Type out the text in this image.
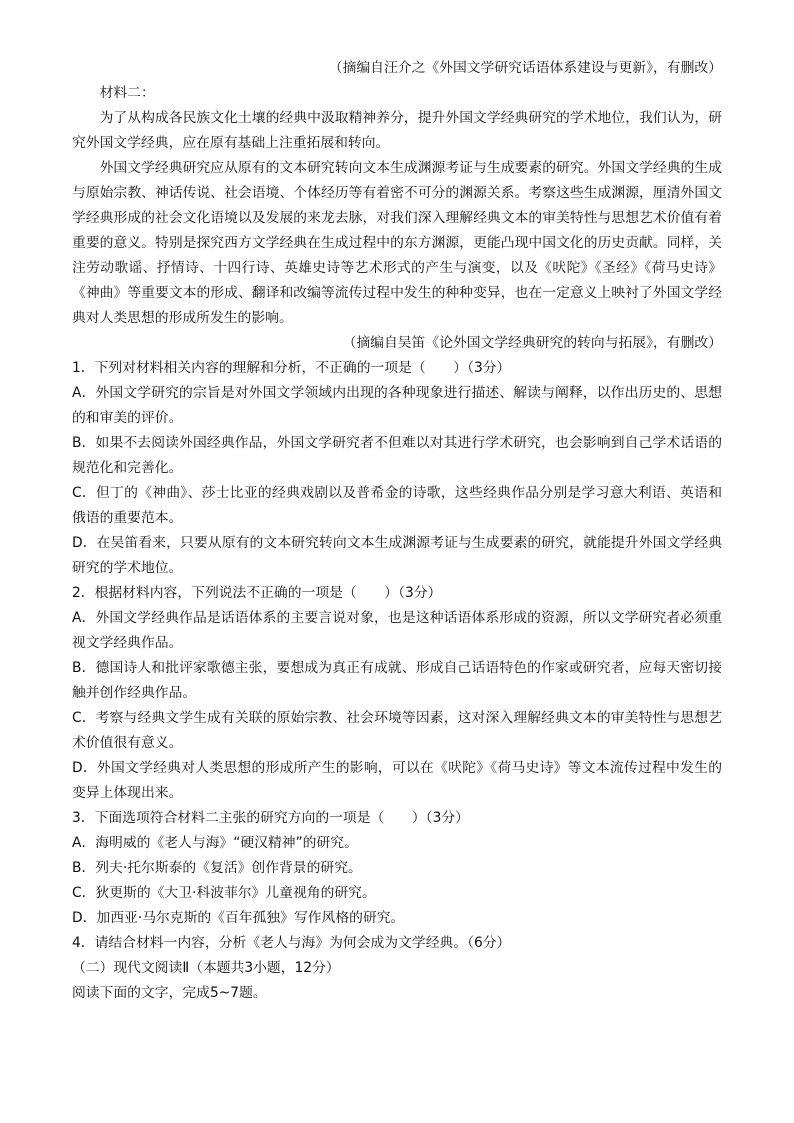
（摘编自汪介之《外国文学研究话语体系建设与更新》，有删改）

材料二：

为了从构成各民族文化土壤的经典中汲取精神养分，提升外国文学经典研究的学术地位，我们认为，研究外国文学经典，应在原有基础上注重拓展和转向。

外国文学经典研究应从原有的文本研究转向文本生成渊源考证与生成要素的研究。外国文学经典的生成与原始宗教、神话传说、社会语境、个体经历等有着密不可分的渊源关系。考察这些生成渊源，厘清外国文学经典形成的社会文化语境以及发展的来龙去脉，对我们深入理解经典文本的审美特性与思想艺术价值有着重要的意义。特别是探究西方文学经典在生成过程中的东方渊源，更能凸现中国文化的历史贡献。同样，关注劳动歌谣、抒情诗、十四行诗、英雄史诗等艺术形式的产生与演变，以及《吠陀》《圣经》《荷马史诗》《神曲》等重要文本的形成、翻译和改编等流传过程中发生的种种变异，也在一定意义上映衬了外国文学经典对人类思想的形成所发生的影响。

（摘编自吴笛《论外国文学经典研究的转向与拓展》，有删改）

1．下列对材料相关内容的理解和分析，不正确的一项是（　　）（3分）

A．外国文学研究的宗旨是对外国文学领域内出现的各种现象进行描述、解读与阐释，以作出历史的、思想的和审美的评价。

B．如果不去阅读外国经典作品，外国文学研究者不但难以对其进行学术研究，也会影响到自己学术话语的规范化和完善化。

C．但丁的《神曲》、莎士比亚的经典戏剧以及普希金的诗歌，这些经典作品分别是学习意大利语、英语和俄语的重要范本。

D．在吴笛看来，只要从原有的文本研究转向文本生成渊源考证与生成要素的研究，就能提升外国文学经典研究的学术地位。

2．根据材料内容，下列说法不正确的一项是（　　）（3分）

A．外国文学经典作品是话语体系的主要言说对象，也是这种话语体系形成的资源，所以文学研究者必须重视文学经典作品。

B．德国诗人和批评家歌德主张，要想成为真正有成就、形成自己话语特色的作家或研究者，应每天密切接触并创作经典作品。

C．考察与经典文学生成有关联的原始宗教、社会环境等因素，这对深入理解经典文本的审美特性与思想艺术价值很有意义。

D．外国文学经典对人类思想的形成所产生的影响，可以在《吠陀》《荷马史诗》等文本流传过程中发生的变异上体现出来。

3．下面选项符合材料二主张的研究方向的一项是（　　）（3分）

A．海明威的《老人与海》“硬汉精神”的研究。

B．列夫·托尔斯泰的《复活》创作背景的研究。

C．狄更斯的《大卫·科波菲尔》儿童视角的研究。

D．加西亚·马尔克斯的《百年孤独》写作风格的研究。

4．请结合材料一内容，分析《老人与海》为何会成为文学经典。（6分）

（二）现代文阅读Ⅱ（本题共3小题，12分）

阅读下面的文字，完成5~7题。
